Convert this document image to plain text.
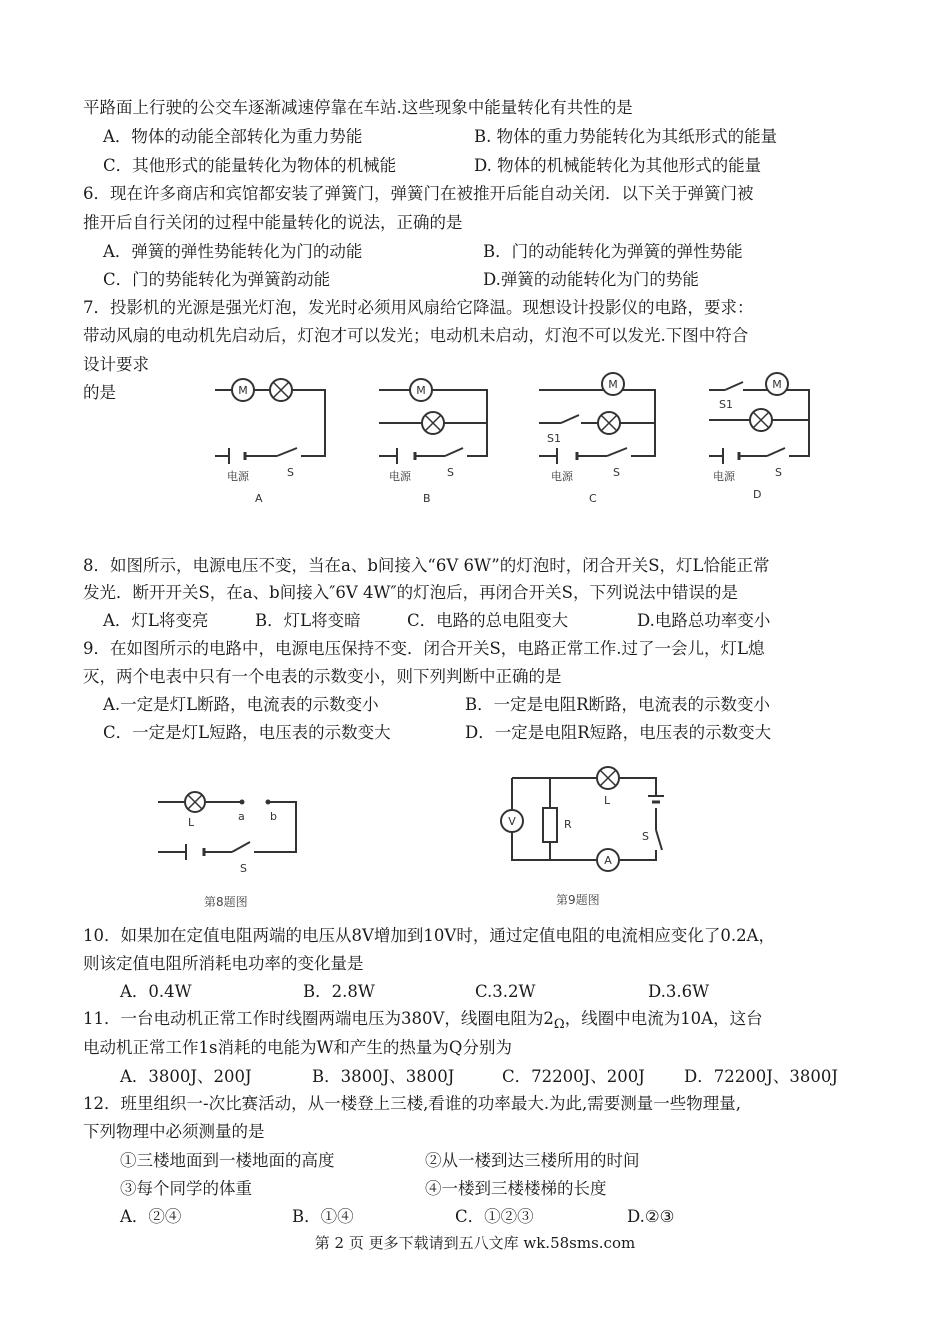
平路面上行驶的公交车逐渐减速停靠在车站.这些现象中能量转化有共性的是
A．物体的动能全部转化为重力势能	B. 物体的重力势能转化为其纸形式的能量
C．其他形式的能量转化为物体的机械能	D. 物体的机械能转化为其他形式的能量
6．现在许多商店和宾馆都安装了弹簧门，弹簧门在被推开后能自动关闭．以下关于弹簧门被
推开后自行关闭的过程中能量转化的说法，正确的是
A．弹簧的弹性势能转化为门的动能	B．门的动能转化为弹簧的弹性势能
C．门的势能转化为弹簧韵动能	D.弹簧的动能转化为门的势能
7．投影机的光源是强光灯泡，发光时必须用风扇给它降温。现想设计投影仪的电路，要求：
带动风扇的电动机先启动后，灯泡才可以发光；电动机未启动，灯泡不可以发光.下图中符合
设计要求
的是	M
电源	S
A
M
电源	S
B
M
S1
电源	S
C
S1
M
电源	S
D
8．如图所示，电源电压不变，当在a、b间接入“6V 6W”的灯泡时，闭合开关S，灯L恰能正常
发光．断开开关S，在a、b间接入″6V 4W″的灯泡后，再闭合开关S，下列说法中错误的是
A．灯L将变亮	B．灯L将变暗	C．电路的总电阻变大	D.电路总功率变小
9．在如图所示的电路中，电源电压保持不变．闭合开关S，电路正常工作.过了一会儿，灯L熄
灭，两个电表中只有一个电表的示数变小，则下列判断中正确的是
A.一定是灯L断路，电流表的示数变小	B．一定是电阻R断路，电流表的示数变小
C．一定是灯L短路，电压表的示数变大	D．一定是电阻R短路，电压表的示数变大
L	a b
S
第8题图
L
S
V	R
A
第9题图
10．如果加在定值电阻两端的电压从8V增加到10V时，通过定值电阻的电流相应变化了0.2A，
则该定值电阻所消耗电功率的变化量是
A．0.4W	B．2.8W	C.3.2W	D.3.6W
11．一台电动机正常工作时线圈两端电压为380V，线圈电阻为$2_\Omega$，线圈中电流为10A，这台
电动机正常工作1s消耗的电能为W和产生的热量为Q分别为
A．3800J、200J	B．3800J、3800J	C．72200J、200J D．72200J、3800J
12．班里组织一-次比赛活动，从一楼登上三楼,看谁的功率最大.为此,需要测量一些物理量,
下列物理中必须测量的是
①三楼地面到一楼地面的高度	②从一楼到达三楼所用的时间
③每个同学的体重	④一楼到三楼楼梯的长度
A．②④	B．①④	C．①②③	D.②③
第 2 页 更多下载请到五八文库 wk.58sms.com
